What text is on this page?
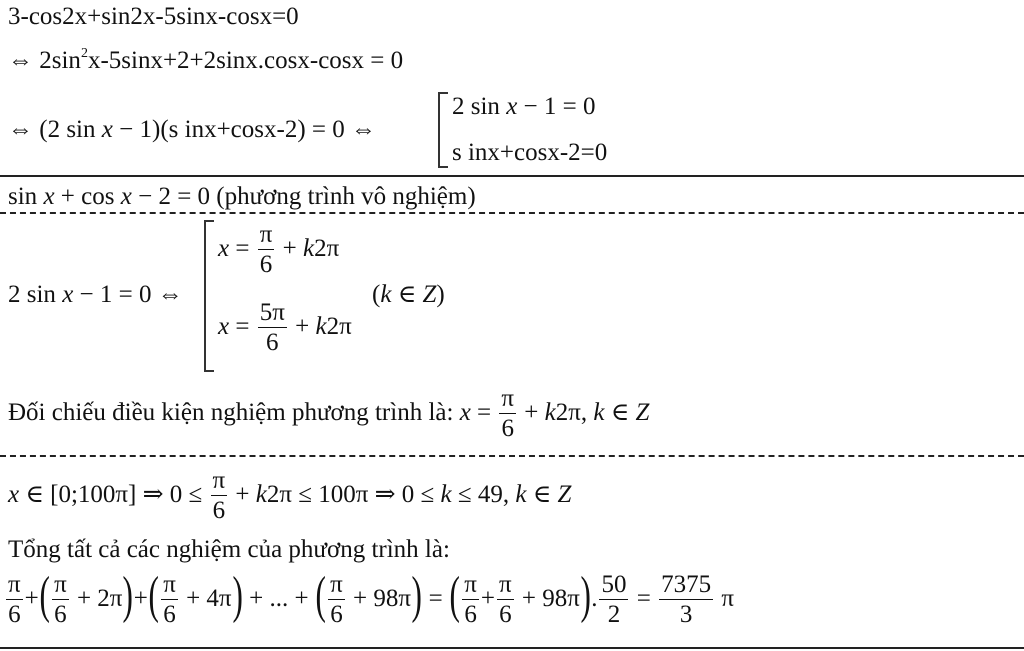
3-cos2x+sin2x-5sinx-cosx=0
⇔ $2\sin^2x-5\sin x+2+2\sin x.\cos x$-cosx = 0
⇔ (2 sin x − 1)(s inx+cosx-2) = 0 ⇔
2 sin x − 1 = 0
s inx+cosx-2=0
sin x + cos x − 2 = 0 (phương trình vô nghiệm)
2 sin x − 1 = 0 ⇔
$x = \frac{\pi}{6} + k2\pi$
$x = \frac{5\pi}{6} + k2\pi$
(k ∈ Z)
Đối chiếu điều kiện nghiệm phương trình là: $x = \frac{\pi}{6} + k2\pi$, k ∈ Z
x ∈ [0;100π] ⇒ $0 \le \frac{\pi}{6} + k2\pi \le 100\pi$ ⇒ 0 ≤ k ≤ 49, k ∈ Z
Tổng tất cả các nghiệm của phương trình là:
$\frac{\pi}{6}$ +( $\frac{\pi}{6} + 2\pi)+( \frac{\pi}{6} + 4\pi)$ + ... + ( $\frac{\pi}{6} + 98\pi$) = ( $\frac{\pi}{6} + \frac{\pi}{6} + 98\pi$). $\frac{50}{2} = \frac{7375}{3}$ π
